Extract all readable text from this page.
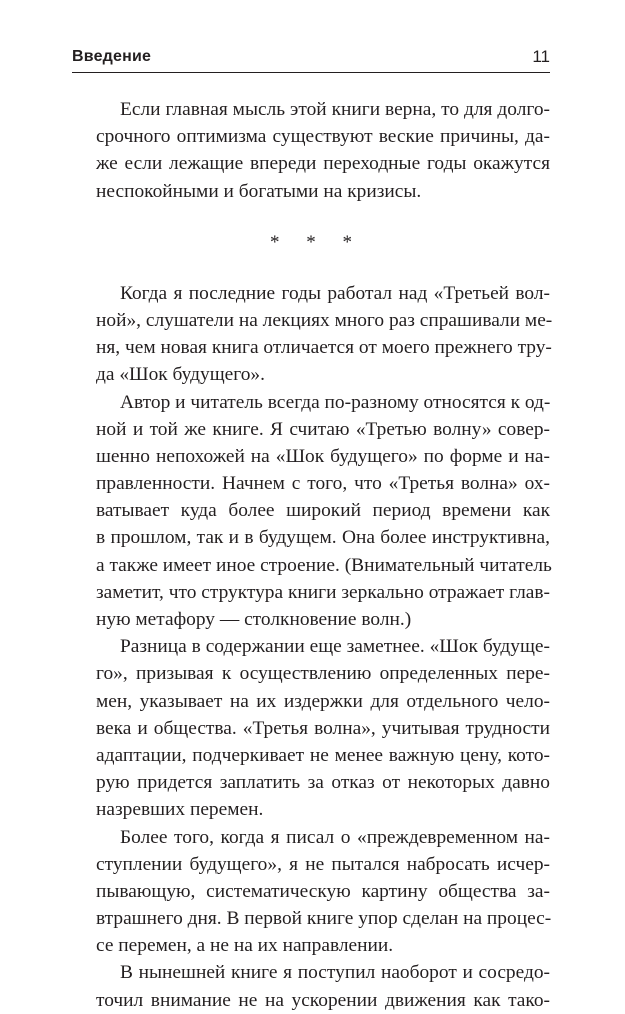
Введение	11
Если главная мысль этой книги верна, то для долго-
срочного оптимизма существуют веские причины, да-
же если лежащие впереди переходные годы окажутся
неспокойными и богатыми на кризисы.
* * *
Когда я последние годы работал над «Третьей вол-
ной», слушатели на лекциях много раз спрашивали ме-
ня, чем новая книга отличается от моего прежнего тру-
да «Шок будущего».
Автор и читатель всегда по-разному относятся к од-
ной и той же книге. Я считаю «Третью волну» совер-
шенно непохожей на «Шок будущего» по форме и на-
правленности. Начнем с того, что «Третья волна» ох-
ватывает куда более широкий период времени как
в прошлом, так и в будущем. Она более инструктивна,
а также имеет иное строение. (Внимательный читатель
заметит, что структура книги зеркально отражает глав-
ную метафору — столкновение волн.)
Разница в содержании еще заметнее. «Шок будуще-
го», призывая к осуществлению определенных пере-
мен, указывает на их издержки для отдельного чело-
века и общества. «Третья волна», учитывая трудности
адаптации, подчеркивает не менее важную цену, кото-
рую придется заплатить за отказ от некоторых давно
назревших перемен.
Более того, когда я писал о «преждевременном на-
ступлении будущего», я не пытался набросать исчер-
пывающую, систематическую картину общества за-
втрашнего дня. В первой книге упор сделан на процес-
се перемен, а не на их направлении.
В нынешней книге я поступил наоборот и сосредо-
точил внимание не на ускорении движения как тако-
